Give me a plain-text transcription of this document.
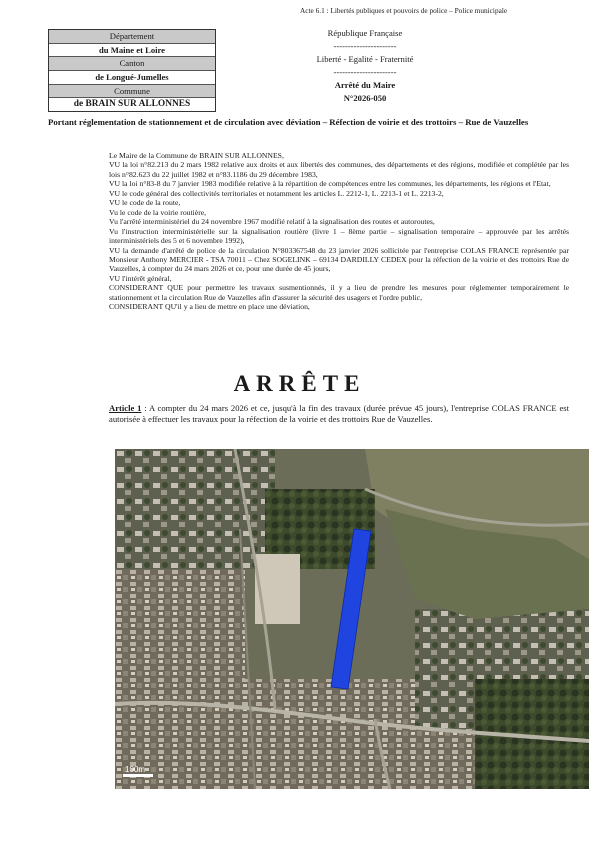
Acte 6.1 : Libertés publiques et pouvoirs de police – Police municipale
Département
du Maine et Loire
Canton
de Longué-Jumelles
Commune
de BRAIN SUR ALLONNES
République Française
----------------------
Liberté - Egalité - Fraternité
----------------------
Arrêté du Maire
N°2026-050
Portant réglementation de stationnement et de circulation avec déviation – Réfection de voirie et des trottoirs – Rue de Vauzelles

Le Maire de la Commune de BRAIN SUR ALLONNES,

VU la loi n°82.213 du 2 mars 1982 relative aux droits et aux libertés des communes, des départements et des régions, modifiée et complétée par les lois n°82.623 du 22 juillet 1982 et n°83.1186 du 29 décembre 1983,

VU la loi n°83-8 du 7 janvier 1983 modifiée relative à la répartition de compétences entre les communes, les départements, les régions et l'Etat,

VU le code général des collectivités territoriales et notamment les articles L. 2212-1, L. 2213-1 et L. 2213-2,

VU le code de la route,

Vu le code de la voirie routière,

Vu l'arrêté interministériel du 24 novembre 1967 modifié relatif à la signalisation des routes et autoroutes,

Vu l'instruction interministérielle sur la signalisation routière (livre 1 – 8ème partie – signalisation temporaire – approuvée par les arrêtés interministériels des 5 et 6 novembre 1992),

VU la demande d'arrêté de police de la circulation N°803367548 du 23 janvier 2026 sollicitée par l'entreprise COLAS FRANCE représentée par Monsieur Anthony MERCIER - TSA 70011 – Chez SOGELINK – 69134 DARDILLY CEDEX pour la réfection de la voirie et des trottoirs Rue de Vauzelles, à compter du 24 mars 2026 et ce, pour une durée de 45 jours,

VU l'intérêt général,

CONSIDERANT QUE pour permettre les travaux susmentionnés, il y a lieu de prendre les mesures pour réglementer temporairement le stationnement et la circulation Rue de Vauzelles afin d'assurer la sécurité des usagers et l'ordre public,

CONSIDERANT QU'il y a lieu de mettre en place une déviation,

ARRÊTE
Article 1 : A compter du 24 mars 2026 et ce, jusqu'à la fin des travaux (durée prévue 45 jours), l'entreprise COLAS FRANCE est autorisée à effectuer les travaux pour la réfection de la voirie et des trottoirs Rue de Vauzelles.
100m
